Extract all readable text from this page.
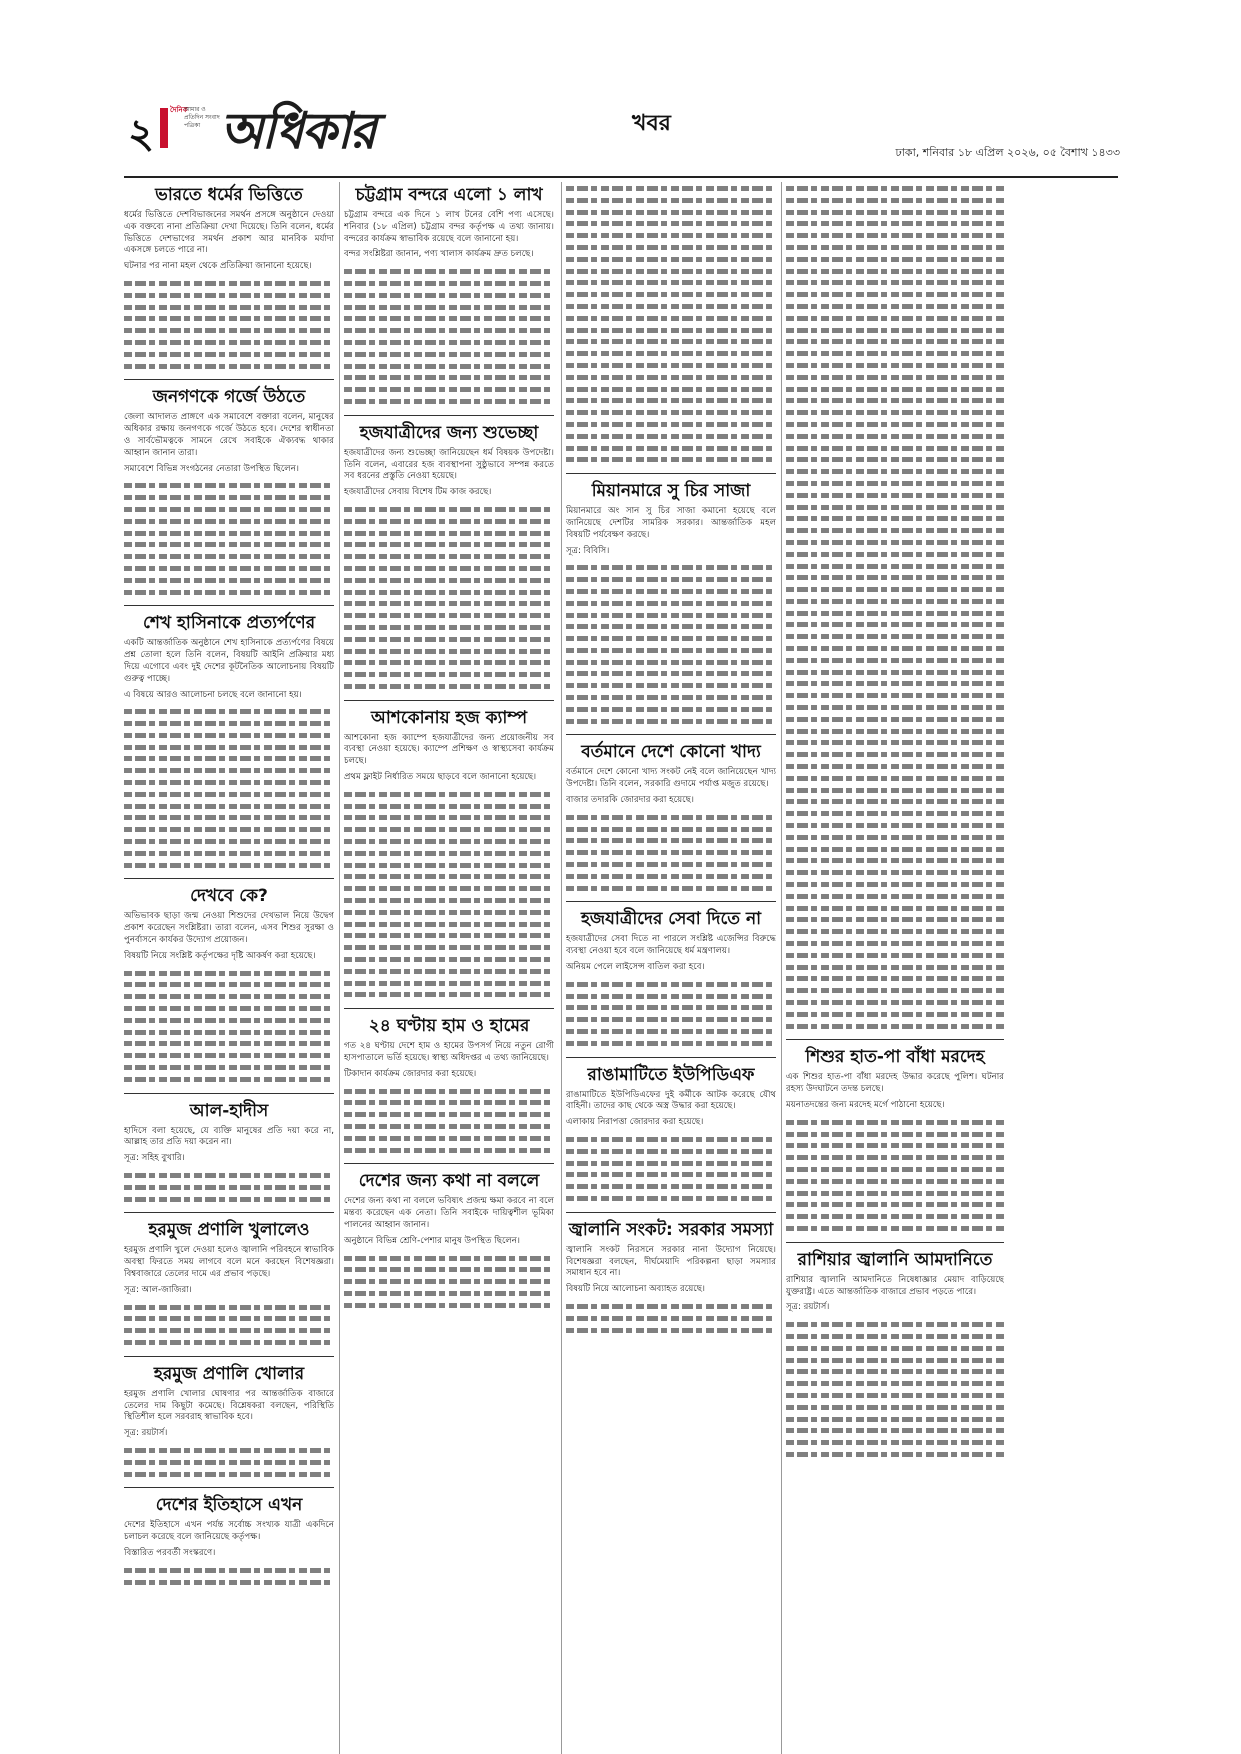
২
দৈনিক
আমার ও প্রতিদিন সংবাদ পত্রিকা অধিকার	খবর
ঢাকা, শনিবার ১৮ এপ্রিল ২০২৬, ০৫ বৈশাখ ১৪৩৩
ভারতে ধর্মের ভিত্তিতে

ধর্মের ভিত্তিতে দেশবিভাজনের সমর্থন প্রসঙ্গে অনুষ্ঠানে দেওয়া এক বক্তব্যে নানা প্রতিক্রিয়া দেখা দিয়েছে। তিনি বলেন, ধর্মের ভিত্তিতে দেশভাগের সমর্থন প্রকাশ আর মানবিক মর্যাদা একসঙ্গে চলতে পারে না।

ঘটনার পর নানা মহল থেকে প্রতিক্রিয়া জানানো হয়েছে।

জনগণকে গর্জে উঠতে

জেলা আদালত প্রাঙ্গণে এক সমাবেশে বক্তারা বলেন, মানুষের অধিকার রক্ষায় জনগণকে গর্জে উঠতে হবে। দেশের স্বাধীনতা ও সার্বভৌমত্বকে সামনে রেখে সবাইকে ঐক্যবদ্ধ থাকার আহ্বান জানান তারা।

সমাবেশে বিভিন্ন সংগঠনের নেতারা উপস্থিত ছিলেন।

শেখ হাসিনাকে প্রত্যর্পণের

একটি আন্তর্জাতিক অনুষ্ঠানে শেখ হাসিনাকে প্রত্যর্পণের বিষয়ে প্রশ্ন তোলা হলে তিনি বলেন, বিষয়টি আইনি প্রক্রিয়ার মধ্য দিয়ে এগোবে এবং দুই দেশের কূটনৈতিক আলোচনায় বিষয়টি গুরুত্ব পাচ্ছে।

এ বিষয়ে আরও আলোচনা চলছে বলে জানানো হয়।

দেখবে কে?

অভিভাবক ছাড়া জন্ম নেওয়া শিশুদের দেখভাল নিয়ে উদ্বেগ প্রকাশ করেছেন সংশ্লিষ্টরা। তারা বলেন, এসব শিশুর সুরক্ষা ও পুনর্বাসনে কার্যকর উদ্যোগ প্রয়োজন।

বিষয়টি নিয়ে সংশ্লিষ্ট কর্তৃপক্ষের দৃষ্টি আকর্ষণ করা হয়েছে।

আল-হাদীস

হাদিসে বলা হয়েছে, যে ব্যক্তি মানুষের প্রতি দয়া করে না, আল্লাহ তার প্রতি দয়া করেন না।

সূত্র: সহিহ বুখারি।

হরমুজ প্রণালি খুলালেও

হরমুজ প্রণালি খুলে দেওয়া হলেও জ্বালানি পরিবহনে স্বাভাবিক অবস্থা ফিরতে সময় লাগবে বলে মনে করছেন বিশেষজ্ঞরা। বিশ্ববাজারে তেলের দামে এর প্রভাব পড়ছে।

সূত্র: আল-জাজিরা।

হরমুজ প্রণালি খোলার

হরমুজ প্রণালি খোলার ঘোষণার পর আন্তর্জাতিক বাজারে তেলের দাম কিছুটা কমেছে। বিশ্লেষকরা বলছেন, পরিস্থিতি স্থিতিশীল হলে সরবরাহ স্বাভাবিক হবে।

সূত্র: রয়টার্স।

দেশের ইতিহাসে এখন

দেশের ইতিহাসে এখন পর্যন্ত সর্বোচ্চ সংখ্যক যাত্রী একদিনে চলাচল করেছে বলে জানিয়েছে কর্তৃপক্ষ।

বিস্তারিত পরবর্তী সংস্করণে।

চট্টগ্রাম বন্দরে এলো ১ লাখ

চট্টগ্রাম বন্দরে এক দিনে ১ লাখ টনের বেশি পণ্য এসেছে। শনিবার (১৮ এপ্রিল) চট্টগ্রাম বন্দর কর্তৃপক্ষ এ তথ্য জানায়। বন্দরের কার্যক্রম স্বাভাবিক রয়েছে বলে জানানো হয়।

বন্দর সংশ্লিষ্টরা জানান, পণ্য খালাস কার্যক্রম দ্রুত চলছে।

হজযাত্রীদের জন্য শুভেচ্ছা

হজযাত্রীদের জন্য শুভেচ্ছা জানিয়েছেন ধর্ম বিষয়ক উপদেষ্টা। তিনি বলেন, এবারের হজ ব্যবস্থাপনা সুষ্ঠুভাবে সম্পন্ন করতে সব ধরনের প্রস্তুতি নেওয়া হয়েছে।

হজযাত্রীদের সেবায় বিশেষ টিম কাজ করছে।

আশকোনায় হজ ক্যাম্প

আশকোনা হজ ক্যাম্পে হজযাত্রীদের জন্য প্রয়োজনীয় সব ব্যবস্থা নেওয়া হয়েছে। ক্যাম্পে প্রশিক্ষণ ও স্বাস্থ্যসেবা কার্যক্রম চলছে।

প্রথম ফ্লাইট নির্ধারিত সময়ে ছাড়বে বলে জানানো হয়েছে।

২৪ ঘণ্টায় হাম ও হামের

গত ২৪ ঘণ্টায় দেশে হাম ও হামের উপসর্গ নিয়ে নতুন রোগী হাসপাতালে ভর্তি হয়েছে। স্বাস্থ্য অধিদপ্তর এ তথ্য জানিয়েছে।

টিকাদান কার্যক্রম জোরদার করা হয়েছে।

দেশের জন্য কথা না বললে

দেশের জন্য কথা না বললে ভবিষ্যৎ প্রজন্ম ক্ষমা করবে না বলে মন্তব্য করেছেন এক নেতা। তিনি সবাইকে দায়িত্বশীল ভূমিকা পালনের আহ্বান জানান।

অনুষ্ঠানে বিভিন্ন শ্রেণি-পেশার মানুষ উপস্থিত ছিলেন।

মিয়ানমারে সু চির সাজা

মিয়ানমারে অং সান সু চির সাজা কমানো হয়েছে বলে জানিয়েছে দেশটির সামরিক সরকার। আন্তর্জাতিক মহল বিষয়টি পর্যবেক্ষণ করছে।

সূত্র: বিবিসি।

বর্তমানে দেশে কোনো খাদ্য

বর্তমানে দেশে কোনো খাদ্য সংকট নেই বলে জানিয়েছেন খাদ্য উপদেষ্টা। তিনি বলেন, সরকারি গুদামে পর্যাপ্ত মজুত রয়েছে।

বাজার তদারকি জোরদার করা হয়েছে।

হজযাত্রীদের সেবা দিতে না

হজযাত্রীদের সেবা দিতে না পারলে সংশ্লিষ্ট এজেন্সির বিরুদ্ধে ব্যবস্থা নেওয়া হবে বলে জানিয়েছে ধর্ম মন্ত্রণালয়।

অনিয়ম পেলে লাইসেন্স বাতিল করা হবে।

রাঙামাটিতে ইউপিডিএফ

রাঙামাটিতে ইউপিডিএফের দুই কর্মীকে আটক করেছে যৌথ বাহিনী। তাদের কাছ থেকে অস্ত্র উদ্ধার করা হয়েছে।

এলাকায় নিরাপত্তা জোরদার করা হয়েছে।

জ্বালানি সংকট: সরকার সমস্যা

জ্বালানি সংকট নিরসনে সরকার নানা উদ্যোগ নিয়েছে। বিশেষজ্ঞরা বলছেন, দীর্ঘমেয়াদি পরিকল্পনা ছাড়া সমস্যার সমাধান হবে না।

বিষয়টি নিয়ে আলোচনা অব্যাহত রয়েছে।

শিশুর হাত-পা বাঁধা মরদেহ

এক শিশুর হাত-পা বাঁধা মরদেহ উদ্ধার করেছে পুলিশ। ঘটনার রহস্য উদঘাটনে তদন্ত চলছে।

ময়নাতদন্তের জন্য মরদেহ মর্গে পাঠানো হয়েছে।

রাশিয়ার জ্বালানি আমদানিতে

রাশিয়ার জ্বালানি আমদানিতে নিষেধাজ্ঞার মেয়াদ বাড়িয়েছে যুক্তরাষ্ট্র। এতে আন্তর্জাতিক বাজারে প্রভাব পড়তে পারে।

সূত্র: রয়টার্স।
